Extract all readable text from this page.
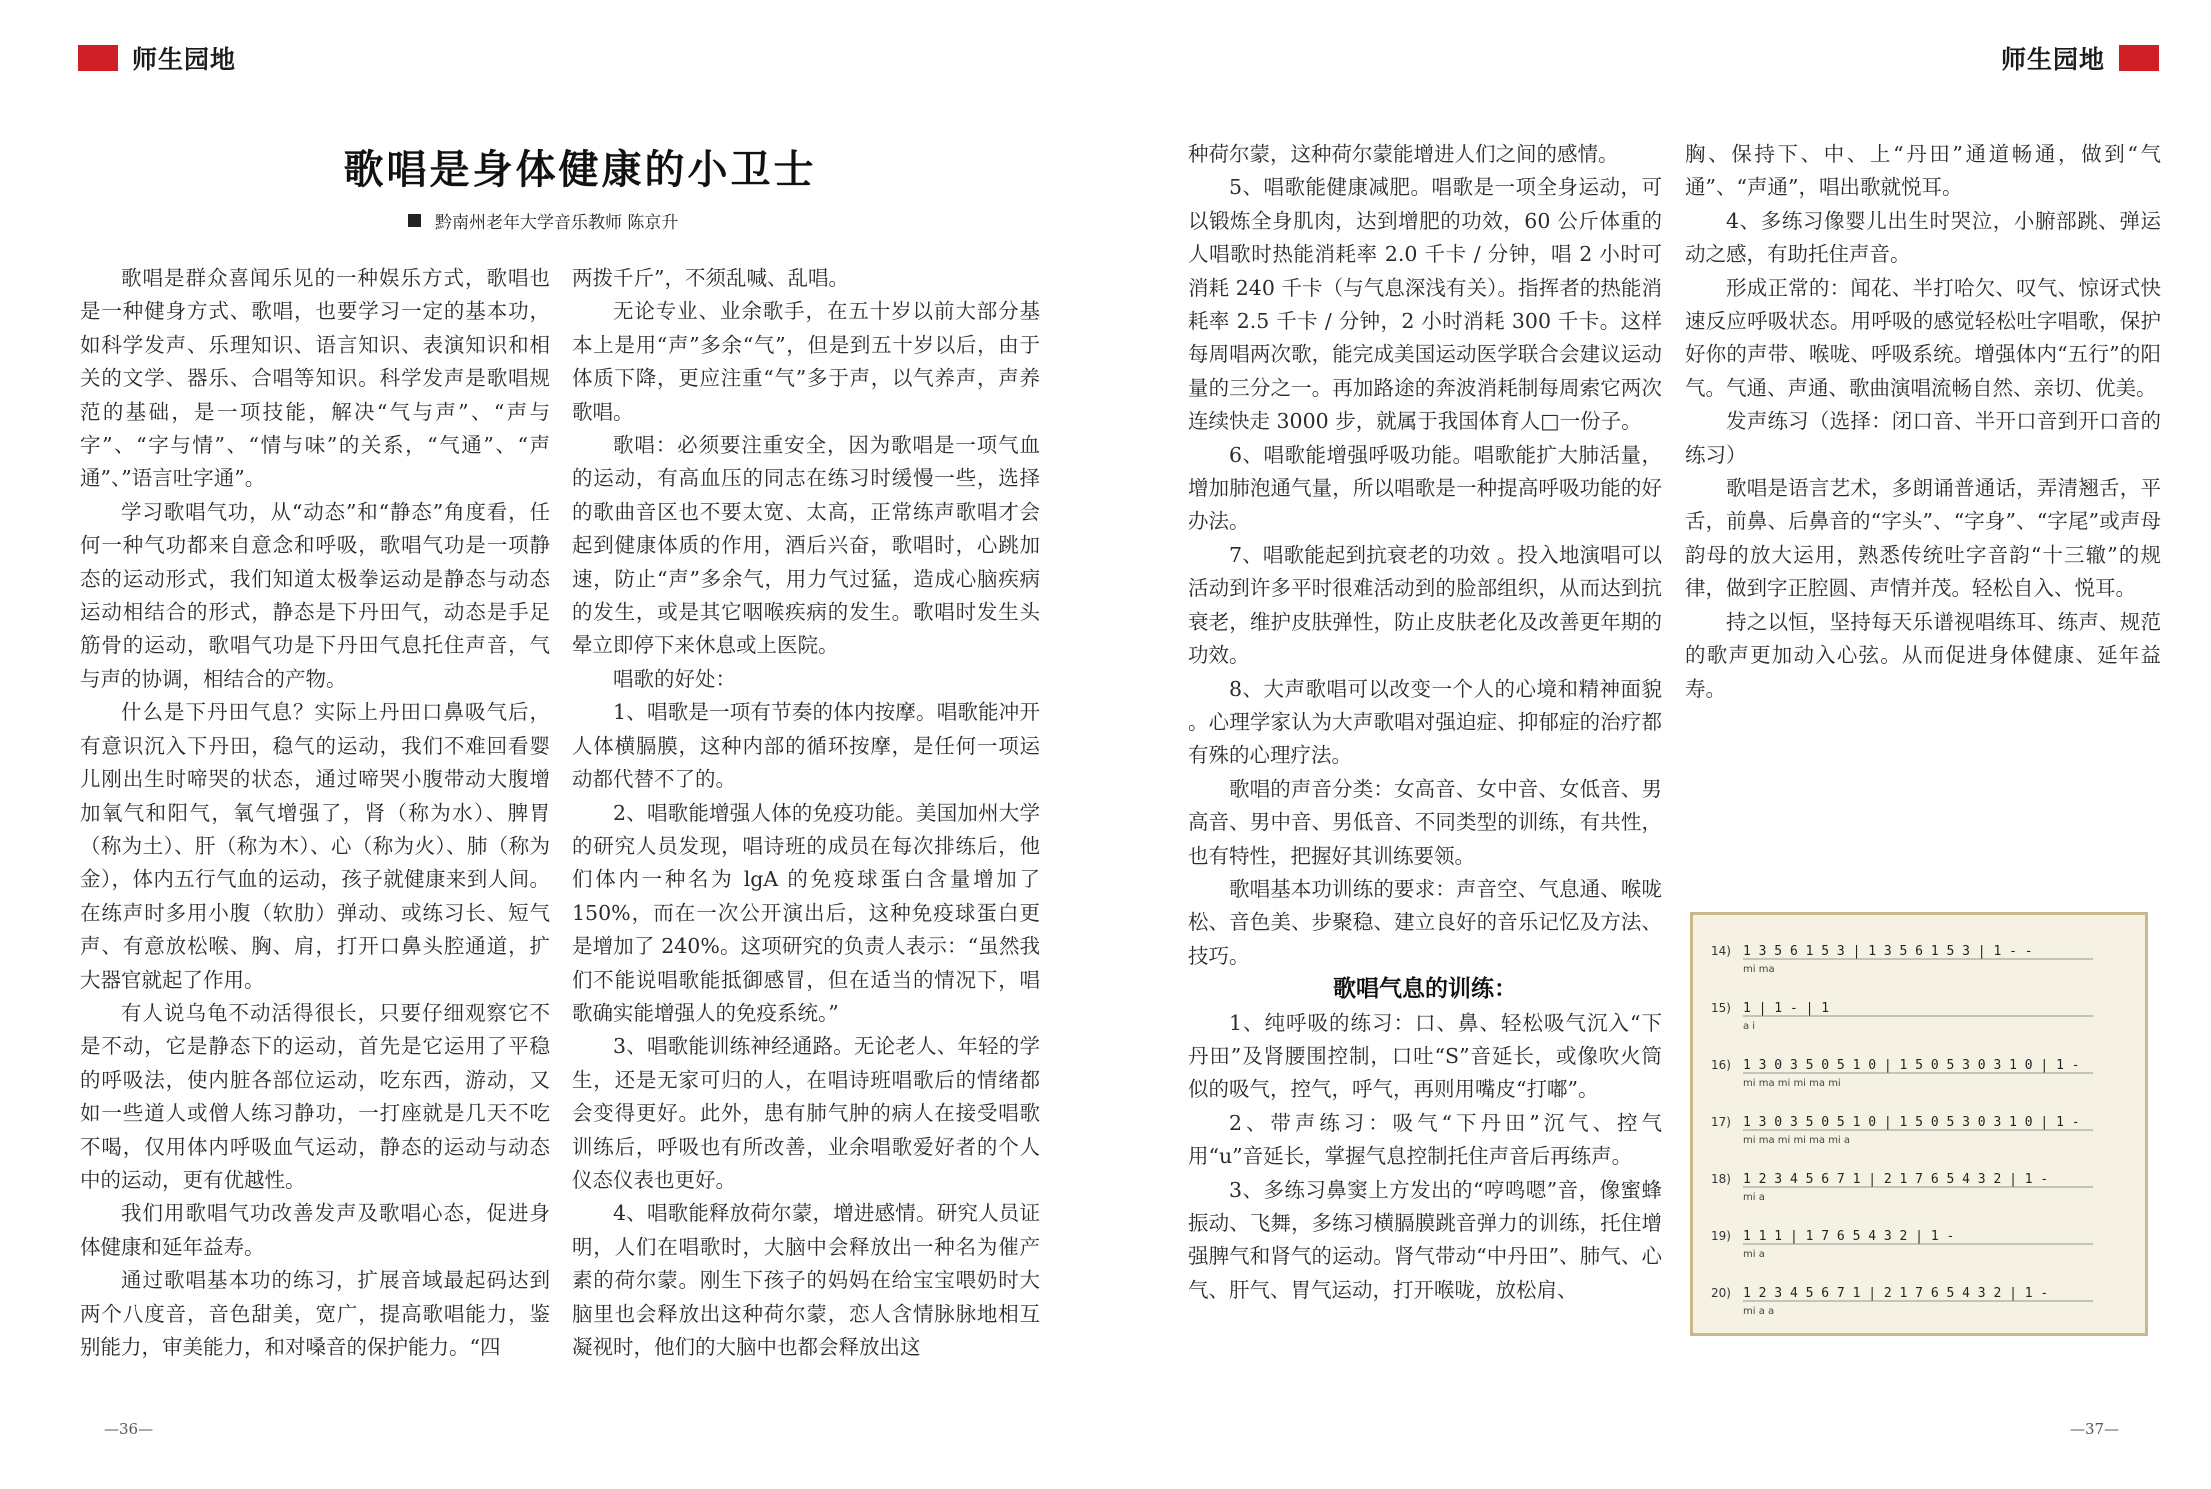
师生园地	师生园地
歌唱是身体健康的小卫士
黔南州老年大学音乐教师 陈京升

歌唱是群众喜闻乐见的一种娱乐方式，歌唱也是一种健身方式、歌唱，也要学习一定的基本功，如科学发声、乐理知识、语言知识、表演知识和相关的文学、器乐、合唱等知识。科学发声是歌唱规范的基础，是一项技能，解决“气与声”、“声与字”、“字与情”、“情与味”的关系，“气通”、“声通”、”语言吐字通”。

学习歌唱气功，从“动态”和“静态”角度看，任何一种气功都来自意念和呼吸，歌唱气功是一项静态的运动形式，我们知道太极拳运动是静态与动态运动相结合的形式，静态是下丹田气，动态是手足筋骨的运动，歌唱气功是下丹田气息托住声音，气与声的协调，相结合的产物。

什么是下丹田气息？实际上丹田口鼻吸气后，有意识沉入下丹田，稳气的运动，我们不难回看婴儿刚出生时啼哭的状态，通过啼哭小腹带动大腹增加氧气和阳气，氧气增强了，肾（称为水）、脾胃（称为土）、肝（称为木）、心（称为火）、肺（称为金），体内五行气血的运动，孩子就健康来到人间。在练声时多用小腹（软肋）弹动、或练习长、短气声、有意放松喉、胸、肩，打开口鼻头腔通道，扩大器官就起了作用。

有人说乌龟不动活得很长，只要仔细观察它不是不动，它是静态下的运动，首先是它运用了平稳的呼吸法，使内脏各部位运动，吃东西，游动，又如一些道人或僧人练习静功，一打座就是几天不吃不喝，仅用体内呼吸血气运动，静态的运动与动态中的运动，更有优越性。

我们用歌唱气功改善发声及歌唱心态，促进身体健康和延年益寿。

通过歌唱基本功的练习，扩展音域最起码达到两个八度音，音色甜美，宽广，提高歌唱能力，鉴别能力，审美能力，和对嗓音的保护能力。“四

两拨千斤”，不须乱喊、乱唱。

无论专业、业余歌手，在五十岁以前大部分基本上是用“声”多余“气”，但是到五十岁以后，由于体质下降，更应注重“气”多于声，以气养声，声养歌唱。

歌唱：必须要注重安全，因为歌唱是一项气血的运动，有高血压的同志在练习时缓慢一些，选择的歌曲音区也不要太宽、太高，正常练声歌唱才会起到健康体质的作用，酒后兴奋，歌唱时，心跳加速，防止“声”多余气，用力气过猛，造成心脑疾病的发生，或是其它咽喉疾病的发生。歌唱时发生头晕立即停下来休息或上医院。

唱歌的好处：

1、唱歌是一项有节奏的体内按摩。唱歌能冲开人体横膈膜，这种内部的循环按摩，是任何一项运动都代替不了的。

2、唱歌能增强人体的免疫功能。美国加州大学的研究人员发现，唱诗班的成员在每次排练后，他们体内一种名为 lgA 的免疫球蛋白含量增加了150%，而在一次公开演出后，这种免疫球蛋白更是增加了 240%。这项研究的负责人表示：“虽然我们不能说唱歌能抵御感冒，但在适当的情况下，唱歌确实能增强人的免疫系统。”

3、唱歌能训练神经通路。无论老人、年轻的学生，还是无家可归的人，在唱诗班唱歌后的情绪都会变得更好。此外，患有肺气肿的病人在接受唱歌训练后，呼吸也有所改善，业余唱歌爱好者的个人仪态仪表也更好。

4、唱歌能释放荷尔蒙，增进感情。研究人员证明，人们在唱歌时，大脑中会释放出一种名为催产素的荷尔蒙。刚生下孩子的妈妈在给宝宝喂奶时大脑里也会释放出这种荷尔蒙，恋人含情脉脉地相互凝视时，他们的大脑中也都会释放出这

种荷尔蒙，这种荷尔蒙能增进人们之间的感情。

5、唱歌能健康减肥。唱歌是一项全身运动，可以锻炼全身肌肉，达到增肥的功效，60 公斤体重的人唱歌时热能消耗率 2.0 千卡 / 分钟，唱 2 小时可消耗 240 千卡（与气息深浅有关）。指挥者的热能消耗率 2.5 千卡 / 分钟，2 小时消耗 300 千卡。这样每周唱两次歌，能完成美国运动医学联合会建议运动量的三分之一。再加路途的奔波消耗制每周索它两次连续快走 3000 步，就属于我国体育人□一份子。

6、唱歌能增强呼吸功能。唱歌能扩大肺活量，增加肺泡通气量，所以唱歌是一种提高呼吸功能的好办法。

7、唱歌能起到抗衰老的功效 。投入地演唱可以活动到许多平时很难活动到的脸部组织，从而达到抗衰老，维护皮肤弹性，防止皮肤老化及改善更年期的功效。

8、大声歌唱可以改变一个人的心境和精神面貌 。心理学家认为大声歌唱对强迫症、抑郁症的治疗都有殊的心理疗法。

歌唱的声音分类：女高音、女中音、女低音、男高音、男中音、男低音、不同类型的训练，有共性，也有特性，把握好其训练要领。

歌唱基本功训练的要求：声音空、气息通、喉咙松、音色美、步聚稳、建立良好的音乐记忆及方法、技巧。

歌唱气息的训练：

1、纯呼吸的练习：口、鼻、轻松吸气沉入“下丹田”及肾腰围控制，口吐“S”音延长，或像吹火筒似的吸气，控气，呼气，再则用嘴皮“打嘟”。

2、带声练习：吸气“下丹田”沉气、控气用“u”音延长，掌握气息控制托住声音后再练声。

3、多练习鼻窦上方发出的“哼鸣嗯”音，像蜜蜂振动、飞舞，多练习横膈膜跳音弹力的训练，托住增强脾气和肾气的运动。肾气带动“中丹田”、肺气、心气、肝气、胃气运动，打开喉咙，放松肩、

胸、保持下、中、上“丹田”通道畅通，做到“气通”、“声通”，唱出歌就悦耳。

4、多练习像婴儿出生时哭泣，小腑部跳、弹运动之感，有助托住声音。

形成正常的：闻花、半打哈欠、叹气、惊讶式快速反应呼吸状态。用呼吸的感觉轻松吐字唱歌，保护好你的声带、喉咙、呼吸系统。增强体内“五行”的阳气。气通、声通、歌曲演唱流畅自然、亲切、优美。

发声练习（选择：闭口音、半开口音到开口音的练习）

歌唱是语言艺术，多朗诵普通话，弄清翘舌，平舌，前鼻、后鼻音的“字头”、“字身”、“字尾”或声母韵母的放大运用，熟悉传统吐字音韵“十三辙”的规律，做到字正腔圆、声情并茂。轻松自入、悦耳。

持之以恒，坚持每天乐谱视唱练耳、练声、规范的歌声更加动入心弦。从而促进身体健康、延年益寿。

14) 1 3 5 6 1 5 3 | 1 3 5 6 1 5 3 | 1 - -
mi ma
15) 1 | 1 - | 1
a i
16) 1 3 0 3 5 0 5 1 0 | 1 5 0 5 3 0 3 1 0 | 1 -
mi ma mi mi ma mi
17) 1 3 0 3 5 0 5 1 0 | 1 5 0 5 3 0 3 1 0 | 1 -
mi ma mi mi ma mi a
18) 1 2 3 4 5 6 7 1 | 2 1 7 6 5 4 3 2 | 1 -
mi a
19) 1 1 1 | 1 7 6 5 4 3 2 | 1 -
mi a
20) 1 2 3 4 5 6 7 1 | 2 1 7 6 5 4 3 2 | 1 -
mi a a
—36—	—37—
